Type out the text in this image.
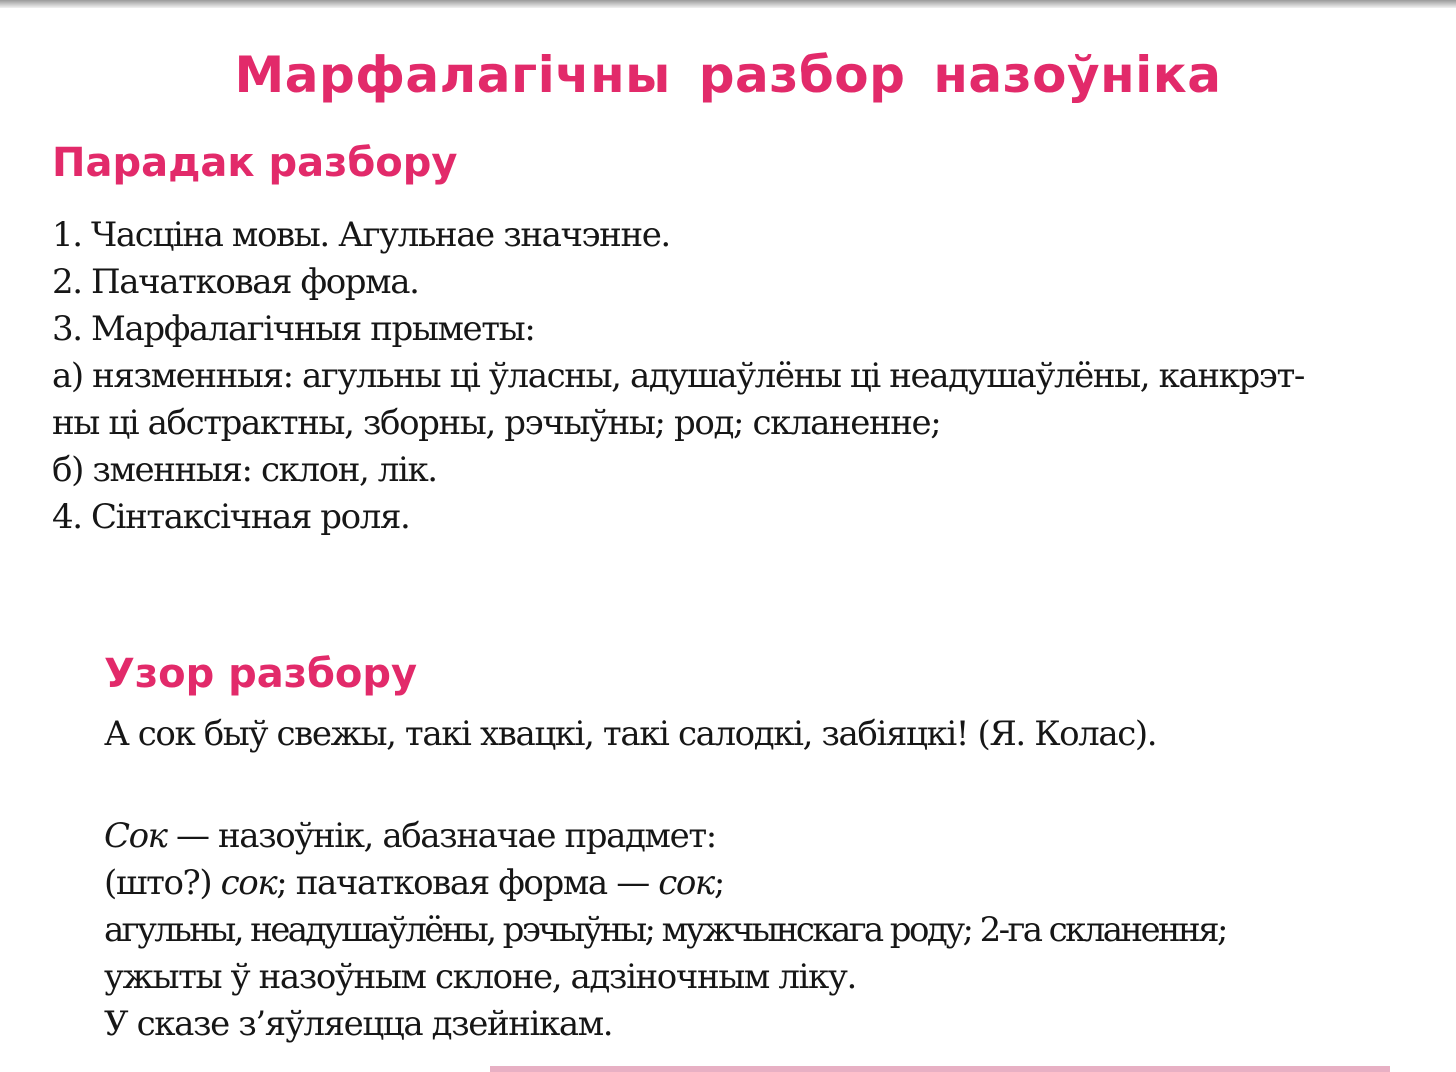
Марфалагічны разбор назоўніка
Парадак разбору
1. Часціна мовы. Агульнае значэнне.
2. Пачатковая форма.
3. Марфалагічныя прыметы:
а) нязменныя: агульны ці ўласны, адушаўлёны ці неадушаўлёны, канкрэт-
ны ці абстрактны, зборны, рэчыўны; род; скланенне;
б) зменныя: склон, лік.
4. Сінтаксічная роля.
Узор разбору
А сок быў свежы, такі хвацкі, такі салодкі, забіяцкі! (Я. Колас).
Сок — назоўнік, абазначае прадмет:
(што?) сок; пачатковая форма — сок;
агульны, неадушаўлёны, рэчыўны; мужчынскага роду; 2-га скланення;
ужыты ў назоўным склоне, адзіночным ліку.
У сказе з’яўляецца дзейнікам.
